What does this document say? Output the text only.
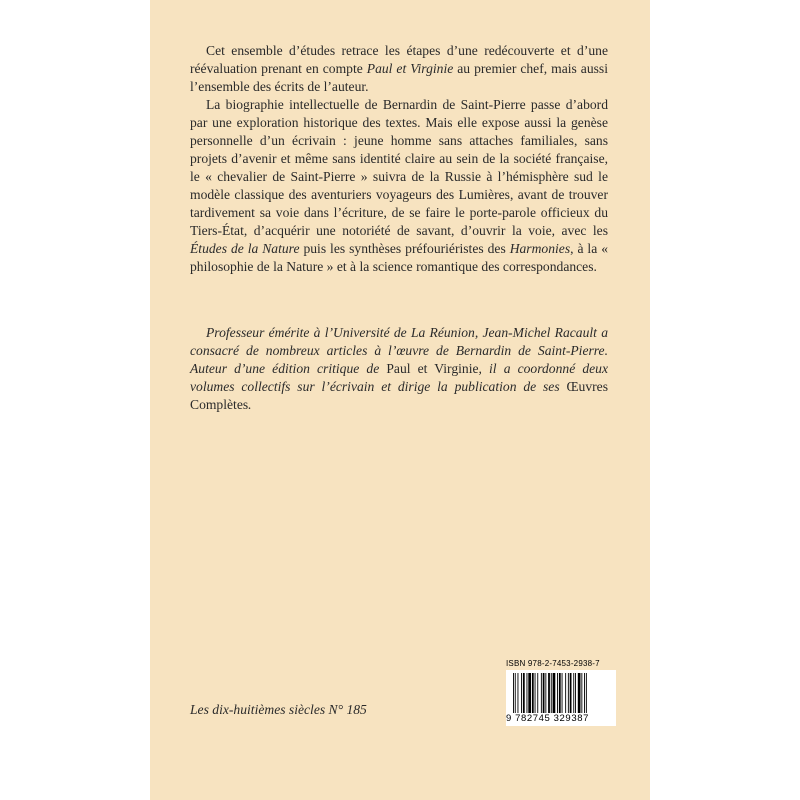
Cet ensemble d’études retrace les étapes d’une redécouverte et d’une réévaluation prenant en compte Paul et Virginie au premier chef, mais aussi l’ensemble des écrits de l’auteur.

La biographie intellectuelle de Bernardin de Saint-Pierre passe d’abord par une exploration historique des textes. Mais elle expose aussi la genèse personnelle d’un écrivain : jeune homme sans attaches familiales, sans projets d’avenir et même sans identité claire au sein de la société française, le « chevalier de Saint-Pierre » suivra de la Russie à l’hémisphère sud le modèle classique des aventuriers voyageurs des Lumières, avant de trouver tardivement sa voie dans l’écriture, de se faire le porte-parole officieux du Tiers-État, d’acquérir une notoriété de savant, d’ouvrir la voie, avec les Études de la Nature puis les synthèses préfouriéristes des Harmonies, à la « philosophie de la Nature » et à la science romantique des correspondances.

Professeur émérite à l’Université de La Réunion, Jean-Michel Racault a consacré de nombreux articles à l’œuvre de Bernardin de Saint-Pierre. Auteur d’une édition critique de Paul et Virginie, il a coordonné deux volumes collectifs sur l’écrivain et dirige la publication de ses Œuvres Complètes.

Les dix-huitièmes siècles N° 185
ISBN 978-2-7453-2938-7
9 782745 329387
